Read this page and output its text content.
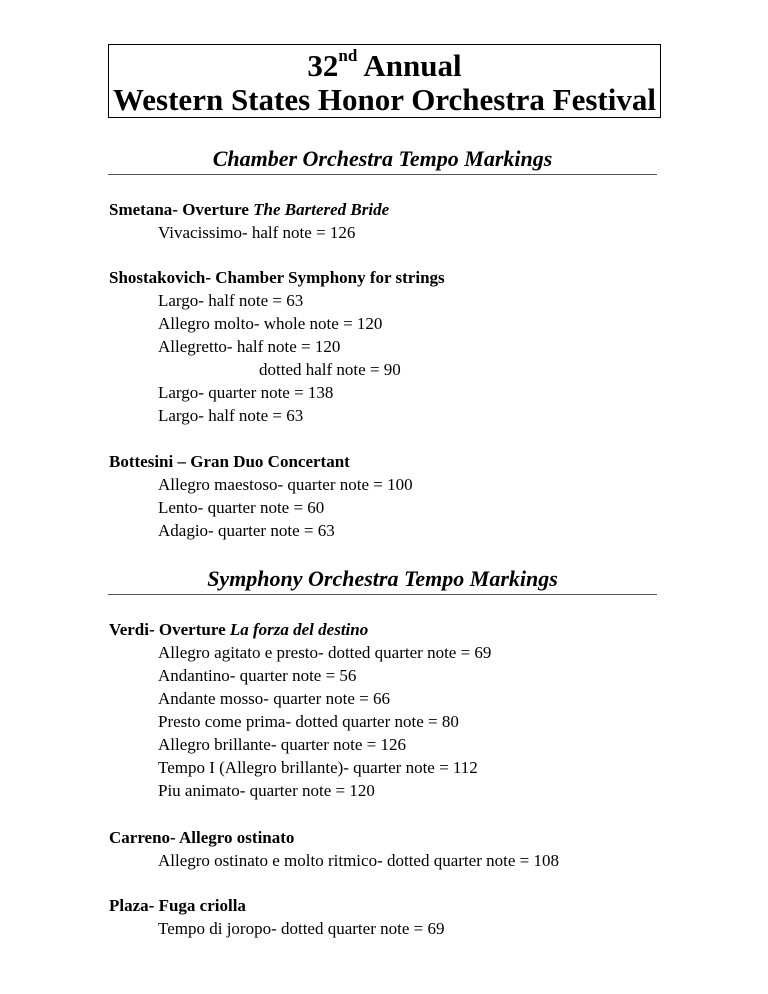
32nd Annual
Western States Honor Orchestra Festival
Chamber Orchestra Tempo Markings
Smetana- Overture The Bartered Bride
Vivacissimo- half note = 126
Shostakovich- Chamber Symphony for strings
Largo- half note = 63
Allegro molto- whole note = 120
Allegretto- half note = 120
dotted half note = 90
Largo- quarter note = 138
Largo- half note = 63
Bottesini – Gran Duo Concertant
Allegro maestoso- quarter note = 100
Lento- quarter note = 60
Adagio- quarter note = 63
Symphony Orchestra Tempo Markings
Verdi- Overture La forza del destino
Allegro agitato e presto- dotted quarter note = 69
Andantino- quarter note = 56
Andante mosso- quarter note = 66
Presto come prima- dotted quarter note = 80
Allegro brillante- quarter note = 126
Tempo I (Allegro brillante)- quarter note = 112
Piu animato- quarter note = 120
Carreno- Allegro ostinato
Allegro ostinato e molto ritmico- dotted quarter note = 108
Plaza- Fuga criolla
Tempo di joropo- dotted quarter note = 69
